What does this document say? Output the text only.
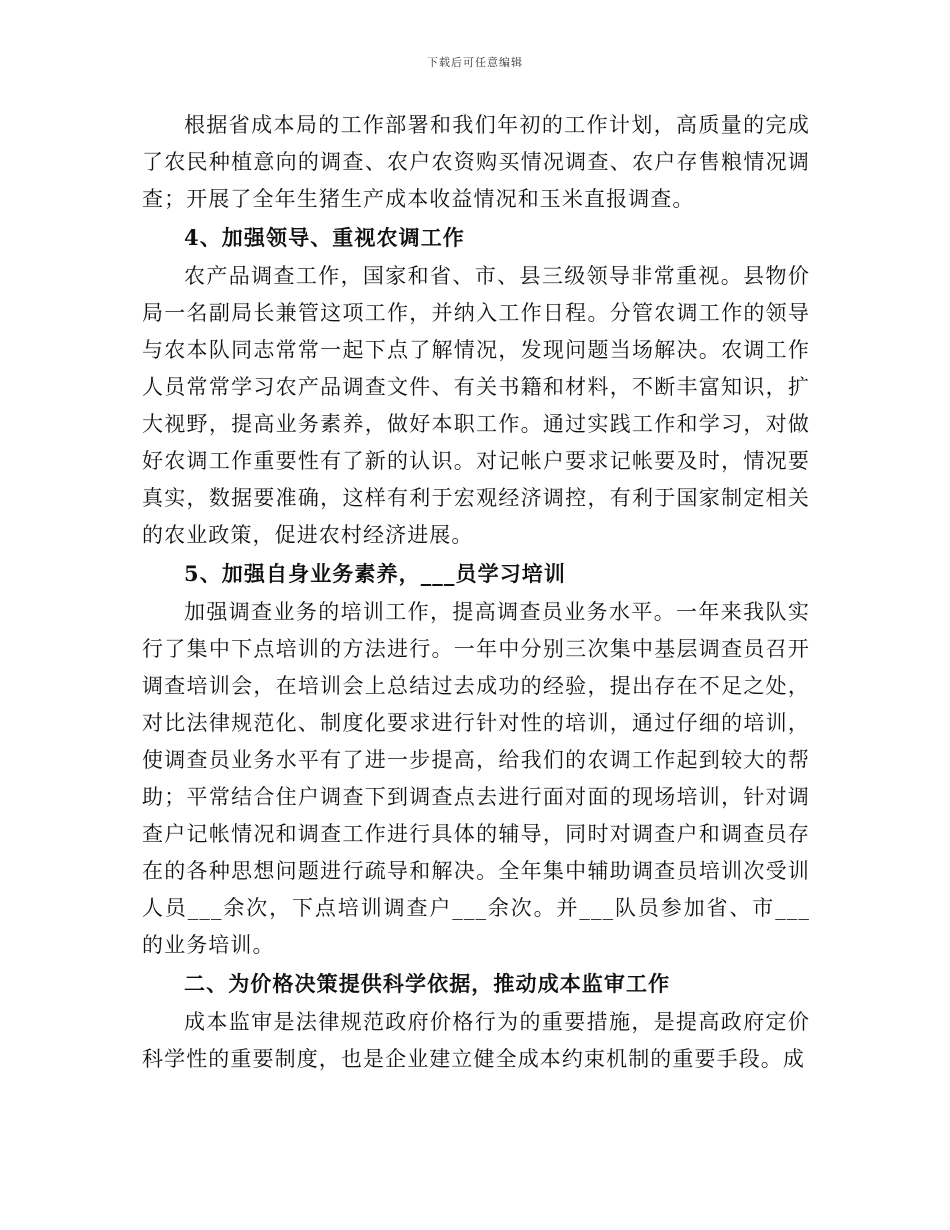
下载后可任意编辑

根据省成本局的工作部署和我们年初的工作计划，高质量的完成了农民种植意向的调查、农户农资购买情况调查、农户存售粮情况调查；开展了全年生猪生产成本收益情况和玉米直报调查。

4、加强领导、重视农调工作

农产品调查工作，国家和省、市、县三级领导非常重视。县物价局一名副局长兼管这项工作，并纳入工作日程。分管农调工作的领导与农本队同志常常一起下点了解情况，发现问题当场解决。农调工作人员常常学习农产品调查文件、有关书籍和材料，不断丰富知识，扩大视野，提高业务素养，做好本职工作。通过实践工作和学习，对做好农调工作重要性有了新的认识。对记帐户要求记帐要及时，情况要真实，数据要准确，这样有利于宏观经济调控，有利于国家制定相关的农业政策，促进农村经济进展。

5、加强自身业务素养，___员学习培训

加强调查业务的培训工作，提高调查员业务水平。一年来我队实行了集中下点培训的方法进行。一年中分别三次集中基层调查员召开调查培训会，在培训会上总结过去成功的经验，提出存在不足之处，对比法律规范化、制度化要求进行针对性的培训，通过仔细的培训，使调查员业务水平有了进一步提高，给我们的农调工作起到较大的帮助；平常结合住户调查下到调查点去进行面对面的现场培训，针对调查户记帐情况和调查工作进行具体的辅导，同时对调查户和调查员存在的各种思想问题进行疏导和解决。全年集中辅助调查员培训次受训人员___余次，下点培训调查户___余次。并___队员参加省、市___的业务培训。

二、为价格决策提供科学依据，推动成本监审工作

成本监审是法律规范政府价格行为的重要措施，是提高政府定价科学性的重要制度，也是企业建立健全成本约束机制的重要手段。成
